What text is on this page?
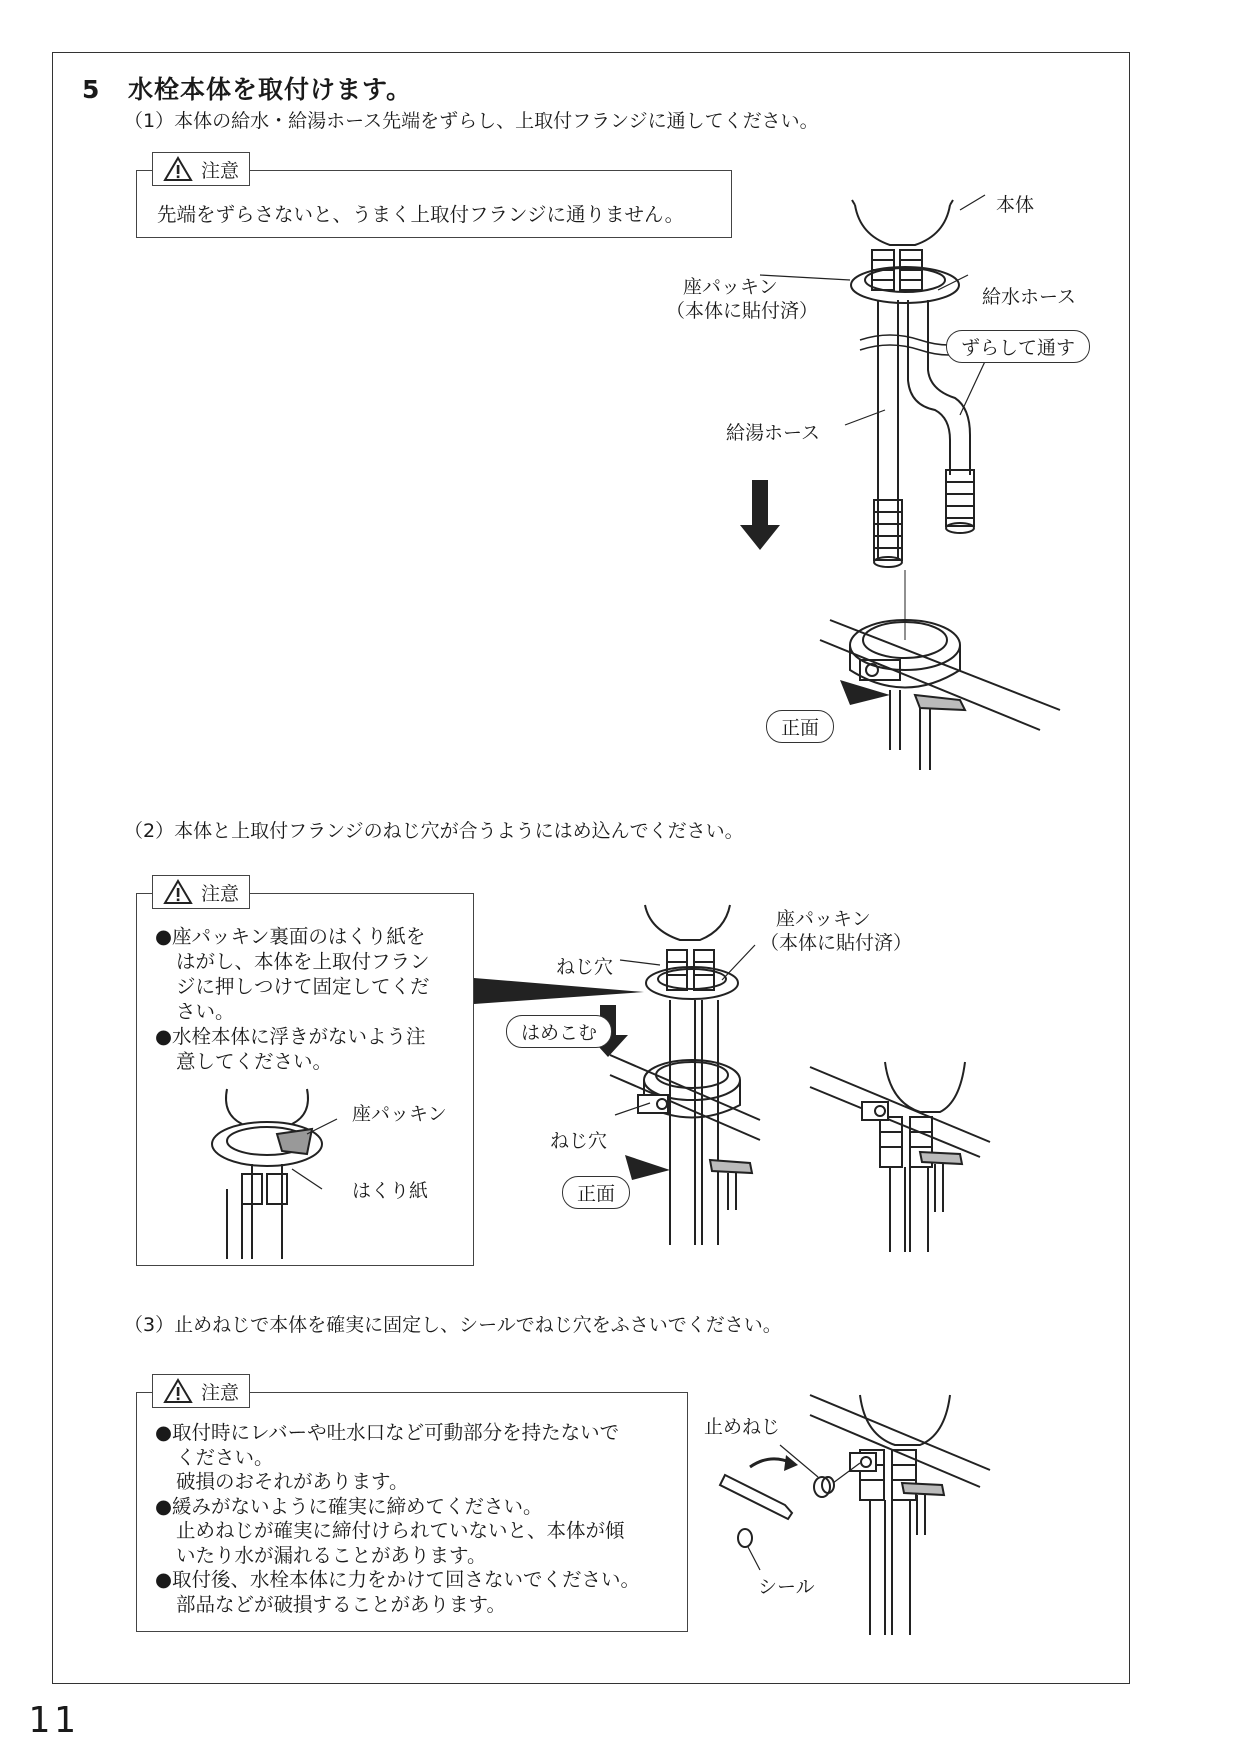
5 水栓本体を取付けます。
（1）本体の給水・給湯ホース先端をずらし、上取付フランジに通してください。
先端をずらさないと、うまく上取付フランジに通りません。
注意
本体
座パッキン
（本体に貼付済）
給水ホース
ずらして通す
給湯ホース
正面
（2）本体と上取付フランジのねじ穴が合うようにはめ込んでください。
●座パッキン裏面のはくり紙を
はがし、本体を上取付フラン
ジに押しつけて固定してくだ
さい。
●水栓本体に浮きがないよう注
意してください。
座パッキン
はくり紙
注意
座パッキン
（本体に貼付済）
ねじ穴
はめこむ
ねじ穴
正面
（3）止めねじで本体を確実に固定し、シールでねじ穴をふさいでください。
●取付時にレバーや吐水口など可動部分を持たないで
ください。
破損のおそれがあります。
●緩みがないように確実に締めてください。
止めねじが確実に締付けられていないと、本体が傾
いたり水が漏れることがあります。
●取付後、水栓本体に力をかけて回さないでください。
部品などが破損することがあります。
注意
止めねじ
シール
11
